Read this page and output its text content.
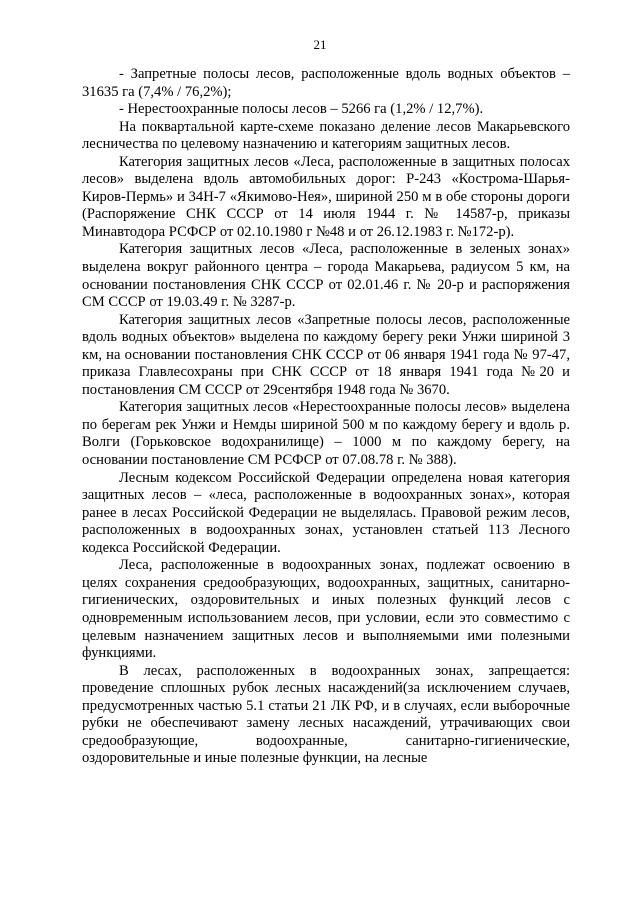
21

- Запретные полосы лесов, расположенные вдоль водных объектов – 31635 га (7,4% / 76,2%);

- Нерестоохранные полосы лесов – 5266 га (1,2% / 12,7%).

На поквартальной карте-схеме показано деление лесов Макарьевского лесничества по целевому назначению и категориям защитных лесов.

Категория защитных лесов «Леса, расположенные в защитных полосах лесов» выделена вдоль автомобильных дорог: Р-243 «Кострома-Шарья-Киров-Пермь» и 34Н-7 «Якимово-Нея», шириной 250 м в обе стороны дороги (Распоряжение СНК СССР от 14 июля 1944 г. № 14587-р, приказы Минавтодора РСФСР от 02.10.1980 г №48 и от 26.12.1983 г. №172-р).

Категория защитных лесов «Леса, расположенные в зеленых зонах» выделена вокруг районного центра – города Макарьева, радиусом 5 км, на основании постановления СНК СССР от 02.01.46 г. № 20-р и распоряжения СМ СССР от 19.03.49 г. № 3287-р.

Категория защитных лесов «Запретные полосы лесов, расположенные вдоль водных объектов» выделена по каждому берегу реки Унжи шириной 3 км, на основании постановления СНК СССР от 06 января 1941 года № 97-47, приказа Главлесохраны при СНК СССР от 18 января 1941 года №20 и постановления СМ СССР от 29сентября 1948 года № 3670.

Категория защитных лесов «Нерестоохранные полосы лесов» выделена по берегам рек Унжи и Немды шириной 500 м по каждому берегу и вдоль р. Волги (Горьковское водохранилище) – 1000 м по каждому берегу, на основании постановление СМ РСФСР от 07.08.78 г. № 388).

Лесным кодексом Российской Федерации определена новая категория защитных лесов – «леса, расположенные в водоохранных зонах», которая ранее в лесах Российской Федерации не выделялась. Правовой режим лесов, расположенных в водоохранных зонах, установлен статьей 113 Лесного кодекса Российской Федерации.

Леса, расположенные в водоохранных зонах, подлежат освоению в целях сохранения средообразующих, водоохранных, защитных, санитарно-гигиенических, оздоровительных и иных полезных функций лесов с одновременным использованием лесов, при условии, если это совместимо с целевым назначением защитных лесов и выполняемыми ими полезными функциями.

В лесах, расположенных в водоохранных зонах, запрещается: проведение сплошных рубок лесных насаждений(за исключением случаев, предусмотренных частью 5.1 статьи 21 ЛК РФ, и в случаях, если выборочные рубки не обеспечивают замену лесных насаждений, утрачивающих свои средообразующие, водоохранные, санитарно-гигиенические, оздоровительные и иные полезные функции, на лесные
